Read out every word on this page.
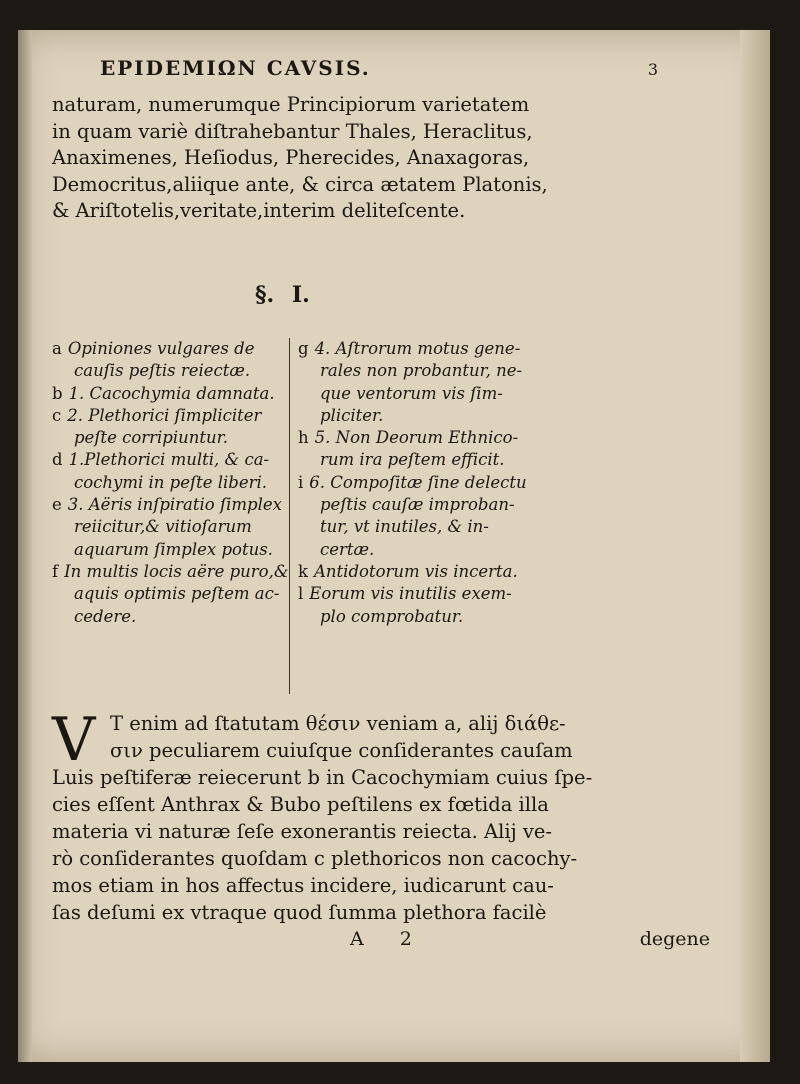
EPIDEMIΩN CAVSIS.	3
naturam, numerumque Principiorum varietatem
in quam variè diſtrahebantur Thales, Heraclitus,
Anaximenes, Heſiodus, Pherecides, Anaxagoras,
Democritus,aliique ante, & circa ætatem Platonis,
& Ariſtotelis,veritate,interim deliteſcente.
§. I.
a Opiniones vulgares de
cauſis peſtis reiectæ.
b 1. Cacochymia damnata.
c 2. Plethorici ſimpliciter
peſte corripiuntur.
d 1.Plethorici multi, & ca-
cochymi in peſte liberi.
e 3. Aëris inſpiratio ſimplex
reiicitur,& vitioſarum
aquarum ſimplex potus.
f In multis locis aëre puro,&
aquis optimis peſtem ac-
cedere.
g 4. Aſtrorum motus gene-
rales non probantur, ne-
que ventorum vis ſim-
pliciter.
h 5. Non Deorum Ethnico-
rum ira peſtem efficit.
i 6. Compoſitæ ſine delectu
peſtis cauſæ improban-
tur, vt inutiles, & in-
certæ.
k Antidotorum vis incerta.
l Eorum vis inutilis exem-
plo comprobatur.
V T enim ad ſtatutam θέσιν veniam a, alij διάθε-
σιν peculiarem cuiuſque conſiderantes cauſam
Luis peſtiferæ reiecerunt b in Cacochymiam cuius ſpe-
cies eſſent Anthrax & Bubo peſtilens ex fœtida illa
materia vi naturæ ſeſe exonerantis reiecta. Alij ve-
rò conſiderantes quoſdam c plethoricos non cacochy-
mos etiam in hos affectus incidere, iudicarunt cau-
ſas deſumi ex vtraque quod ſumma plethora facilè
A 2	degene
